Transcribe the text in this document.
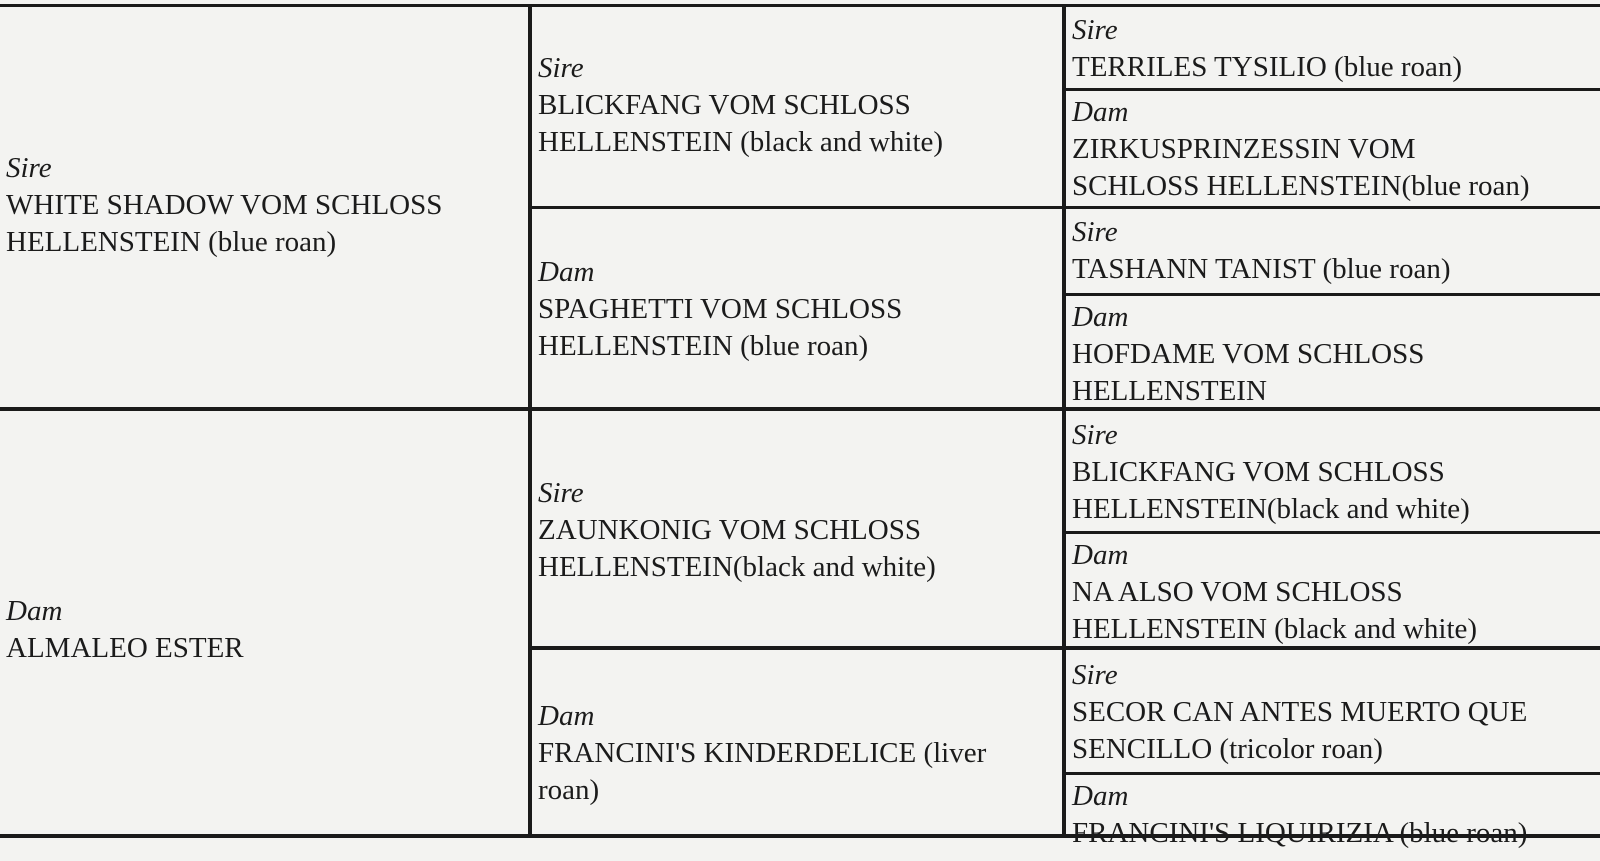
Sire
WHITE SHADOW VOM SCHLOSS
HELLENSTEIN (blue roan)
Dam
ALMALEO ESTER
Sire
BLICKFANG VOM SCHLOSS
HELLENSTEIN (black and white)
Dam
SPAGHETTI VOM SCHLOSS
HELLENSTEIN (blue roan)
Sire
ZAUNKONIG VOM SCHLOSS
HELLENSTEIN(black and white)
Dam
FRANCINI'S KINDERDELICE (liver
roan)
Sire
TERRILES TYSILIO (blue roan)
Dam
ZIRKUSPRINZESSIN VOM
SCHLOSS HELLENSTEIN(blue roan)
Sire
TASHANN TANIST (blue roan)
Dam
HOFDAME VOM SCHLOSS
HELLENSTEIN
Sire
BLICKFANG VOM SCHLOSS
HELLENSTEIN(black and white)
Dam
NA ALSO VOM SCHLOSS
HELLENSTEIN (black and white)
Sire
SECOR CAN ANTES MUERTO QUE
SENCILLO (tricolor roan)
Dam
FRANCINI'S LIQUIRIZIA (blue roan)
